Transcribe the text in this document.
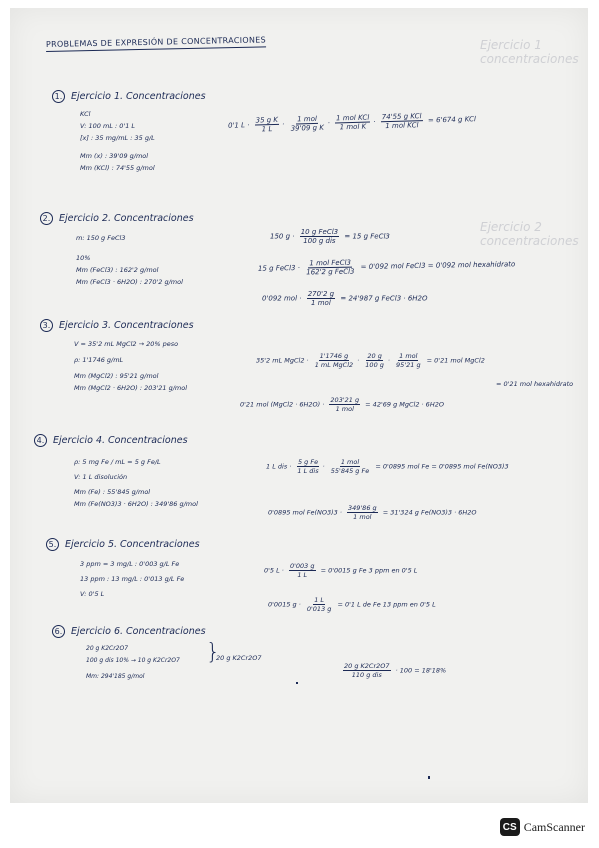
Ejercicio 1 concentraciones
Ejercicio 2 concentraciones
PROBLEMAS DE EXPRESIÓN DE CONCENTRACIONES
1. Ejercicio 1. Concentraciones
KCl
V: 100 mL : 0'1 L
[x] : 35 mg/mL : 35 g/L
Mm (x) : 39'09 g/mol
Mm (KCl) : 74'55 g/mol
0'1 $L \cdot \frac{\text{35 g K}}{1 L} \cdot \frac{\text{1 mol}}{\text{39'09 g K}} \cdot \frac{\text{1 mol KCl}}{\text{1 mol K}} \cdot \frac{\text{74'55 g KCl}}{\text{1 mol KCl}} = 6'674$ g KCl
2. Ejercicio 2. Concentraciones
m: 150 g FeCl3
10%
Mm (FeCl3) : 162'2 g/mol
Mm (FeCl3 · 6H2O) : 270'2 g/mol
150 $g \cdot \frac{\text{10 g FeCl3}}{\text{100 g dis}} = 15$ g FeCl3
15 g FeCl3 · $\frac{\text{1 mol FeCl3}}{\text{162'2 g FeCl3}} = 0'092$ mol FeCl3 = 0'092 mol hexahidrato
0'092 mol · $\frac{270'2 g}{\text{1 mol}} = 24'987$ g FeCl3 · 6H2O
3. Ejercicio 3. Concentraciones
V = 35'2 mL MgCl2 → 20% peso
ρ: 1'1746 g/mL
Mm (MgCl2) : 95'21 g/mol
Mm (MgCl2 · 6H2O) : 203'21 g/mol
35'2 mL MgCl2 · $\frac{1'1746 g}{\text{1 mL MgCl2}} \cdot \frac{20 g}{100 g} \cdot \frac{\text{1 mol}}{95'21 g} = 0'21$ mol MgCl2
= 0'21 mol hexahidrato
0'21 mol (MgCl2 · $6H2O) \cdot \frac{203'21 g}{\text{1 mol}} = 42'69$ g MgCl2 · 6H2O
4. Ejercicio 4. Concentraciones
ρ: 5 mg Fe / mL = 5 g Fe/L
V: 1 L disolución
Mm (Fe) : 55'845 g/mol
Mm (Fe(NO3)3 · 6H2O) : 349'86 g/mol
1 L dis · $\frac{\text{5 g Fe}}{\text{1 L dis}} \cdot \frac{\text{1 mol}}{\text{55'845 g Fe}} = 0'0895$ mol Fe = 0'0895 mol Fe(NO3)3
0'0895 mol $Fe(NO3)3 \cdot \frac{349'86 g}{\text{1 mol}} = 31'324$ g Fe(NO3)3 · 6H2O
5. Ejercicio 5. Concentraciones
3 ppm = 3 mg/L : 0'003 g/L Fe
13 ppm : 13 mg/L : 0'013 g/L Fe
V: 0'5 L
0'5 $L \cdot \frac{0'003 g}{1 L} = 0'0015$ g Fe 3 ppm en 0'5 L
0'0015 $g \cdot \frac{1 L}{0'013 g} = 0'1$ L de Fe 13 ppm en 0'5 L
6. Ejercicio 6. Concentraciones
20 g K2Cr2O7
100 g dis 10% → 10 g K2Cr2O7
Mm: 294'185 g/mol
}
20 g K2Cr2O7
$\frac{\text{20 g K2Cr2O7}}{\text{110 g dis}} \cdot 100 = 18'18\%$
CS CamScanner
